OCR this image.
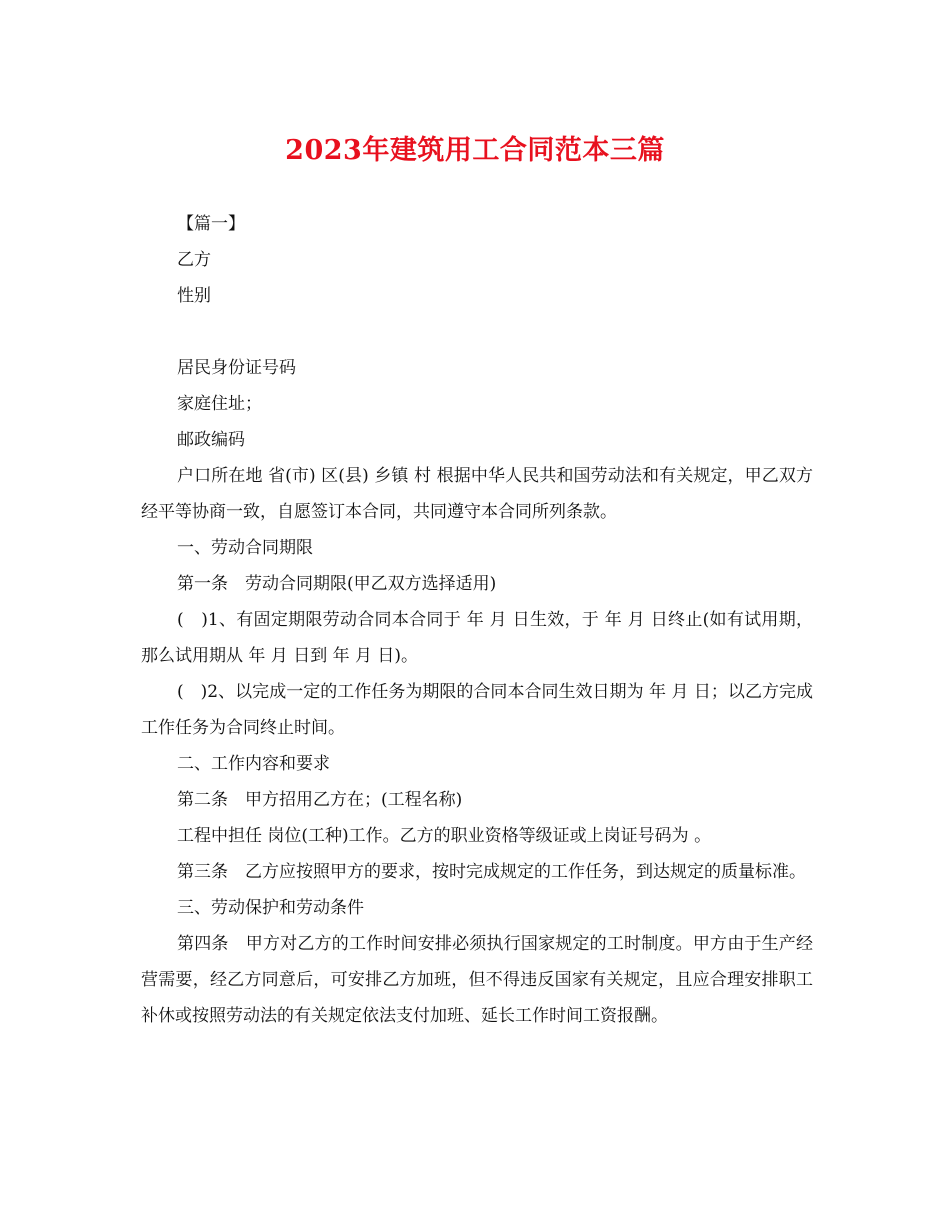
2023年建筑用工合同范本三篇

【篇一】

乙方

性别

居民身份证号码

家庭住址；

邮政编码

户口所在地 省(市) 区(县) 乡镇 村 根据中华人民共和国劳动法和有关规定，甲乙双方经平等协商一致，自愿签订本合同，共同遵守本合同所列条款。

一、劳动合同期限

第一条　劳动合同期限(甲乙双方选择适用)

(　)1、有固定期限劳动合同本合同于 年 月 日生效，于 年 月 日终止(如有试用期，那么试用期从 年 月 日到 年 月 日)。

(　)2、以完成一定的工作任务为期限的合同本合同生效日期为 年 月 日；以乙方完成 工作任务为合同终止时间。

二、工作内容和要求

第二条　甲方招用乙方在；(工程名称)

工程中担任 岗位(工种)工作。乙方的职业资格等级证或上岗证号码为 。

第三条　乙方应按照甲方的要求，按时完成规定的工作任务，到达规定的质量标准。

三、劳动保护和劳动条件

第四条　甲方对乙方的工作时间安排必须执行国家规定的工时制度。甲方由于生产经营需要，经乙方同意后，可安排乙方加班，但不得违反国家有关规定，且应合理安排职工补休或按照劳动法的有关规定依法支付加班、延长工作时间工资报酬。
